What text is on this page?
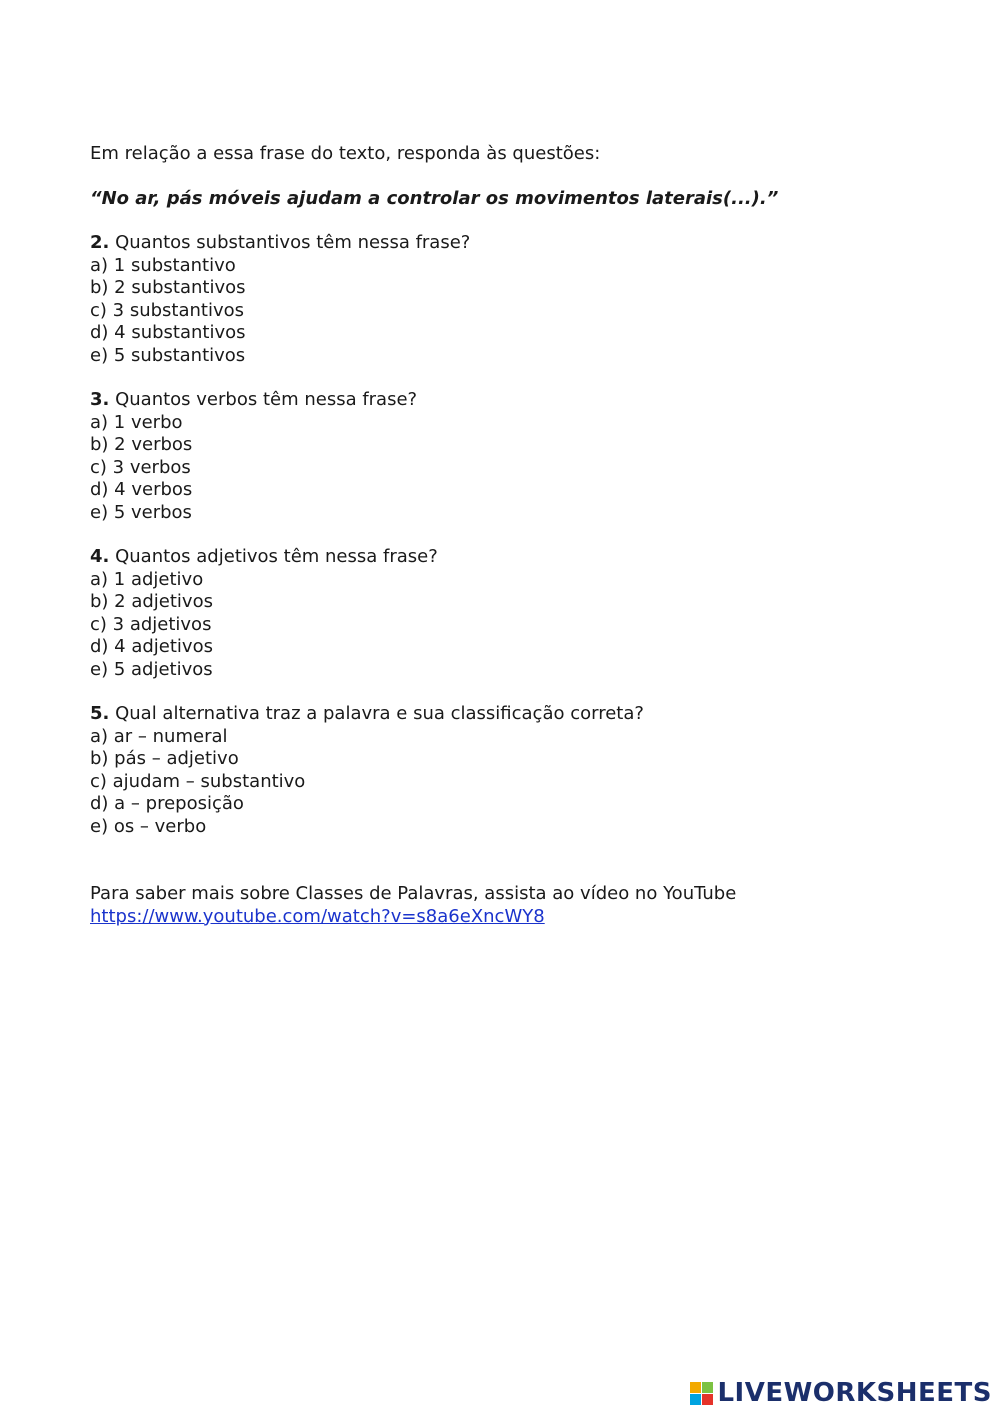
Em relação a essa frase do texto, responda às questões:

“No ar, pás móveis ajudam a controlar os movimentos laterais(...).”

2. Quantos substantivos têm nessa frase?

a) 1 substantivo

b) 2 substantivos

c) 3 substantivos

d) 4 substantivos

e) 5 substantivos

3. Quantos verbos têm nessa frase?

a) 1 verbo

b) 2 verbos

c) 3 verbos

d) 4 verbos

e) 5 verbos

4. Quantos adjetivos têm nessa frase?

a) 1 adjetivo

b) 2 adjetivos

c) 3 adjetivos

d) 4 adjetivos

e) 5 adjetivos

5. Qual alternativa traz a palavra e sua classificação correta?

a) ar – numeral

b) pás – adjetivo

c) ajudam – substantivo

d) a – preposição

e) os – verbo

Para saber mais sobre Classes de Palavras, assista ao vídeo no YouTube

https://www.youtube.com/watch?v=s8a6eXncWY8

LIVEWORKSHEETS
